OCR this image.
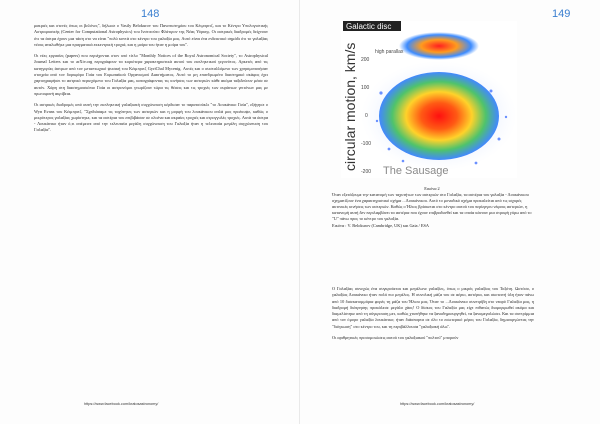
148

μακριές και στενές όπως οι βελόνες", δήλωσε ο Vasily Belokurov του Πανεπιστημίου του Κέιμπριτζ, και το Κέντρο Υπολογιστικής Αστροφυσικής (Center for Computational Astrophysics) του Ινστιτούτο Φλάτιρον της Νέας Υόρκης. Οι αστρικές διαδρομές δείχνουν ότι τα άστρα έχουν μια τάση στο να είναι "πολύ κοντά στο κέντρο του γαλαξία μας. Αυτό είναι ένα ενδεικτικό σημάδι ότι το γαλαξίας νέους αναλωθήκε μια πραγματικά εκκεντρική τροχιά, και η μοίρα του ήταν η μοίρα του".

Οι νέες εργασίες (papers) που περιέχονται στον υπό τίτλο "Monthly Notices of the Royal Astronomical Society", το Astrophysical Journal Letters και το arXiv.org περιγράφουν τα κυριότερα χαρακτηριστικά αυτού του εκπληκτικού γεγονότος. Αρκετές από τις κατηγορίες άστρων από τον μεταπτωχικό ψυσική του Κέιμπριτζ GyriChal Mycenig. Αυτές και ο συσταλλόμενο των χρησιμοποιήσαν στοιχεία από τον δορυφόρο Γαία του Ευρωπαϊκού Οργανισμού Διαστήματος. Αυτό το μη επανδρωμένο διαστημικό σκάφος έχει χαρτογραφήσει το αστρικό περιεχόμενο του Γαλαξία μας, καταγράφοντας τις κινήσεις των αστεριών κάθε ακόμα ταξιδεύουν μέσα σε αυτόν. Χάρη στη διαστημοσκόπιο Γαία οι αστρονόμοι γνωρίζουν τώρα τις θέσεις και τις τροχιές των ουράνιων γειτόνων μας με πρωτοφανή ακρίβεια.

Οι αστρικές διαδρομές από αυτή την εκπληκτική γαλαξιακή συγχώνευση κέρδισαν το παρατσούκλι "το Λουκάνικο Γαία", εξήγησε ο Wyn Evans του Κέιμπριτζ. "Σχεδιάσαμε τις ταχύτητες των αστεριών και η μορφή του λουκάνικου απλά μας προέκυψε, καθώς ο μικρότερος γαλαξίας χωρίστηκε, και τα αστέρια του επιβιβάσαν σε ολοένα και ακραίες τροχιές και στρογγυλές τροχιές. Αυτά τα άστρα - Λουκάνικο ήταν ό,τι απέμεινε από την τελευταία μεγάλη συγχώνευση του Γαλαξία ήταν η τελευταία μεγάλη συγχώνευση του Γαλαξία".

https://www.facebook.com/kratosastronomy/
149
Galactic disc
high parallax
circular motion, km/s 200
100
0
-100
-200 The Sausage
Εικόνα 2
Όταν εξετάζουμε την κατανομή των ταχυτήτων των αστεριών στο Γαλαξία, τα αστέρια του γαλαξία - Λουκάνικου σχηματίζουν ένα χαρακτηριστικό σχήμα ...Λουκάνικου. Αυτό το μοναδικό σχήμα προκαλείται από τις ισχυρές ακτινικές κινήσεις των αστεριών. Καθώς ο Ήλιος βρίσκεται στο κέντρο αυτού του περίεργου νέφους αστεριών, η κατανομή αυτή δεν περιλαμβάνει τα αστέρια που έχουν επιβραδυνθεί και τα οποία κάνουν μια στροφή γύρω από το "U" πάνω προς το κέντρο του γαλαξία.
Εικόνα : V. Belokurov (Cambridge, UK) και Gaia / ESA

Ο Γαλαξίας συνεχώς ένα συγκρούεται και μεγάλωνε γαλαξίες, όπως ο μικρός γαλαξίας του Τοξότη. Ωστόσο, ο γαλαξίας Λουκάνικο ήταν πολύ πιο μεγάλος. Η συνολική μάζα του σε αέριο, αστέρια, και σκοτεινή ύλη ήταν πάνω από 10 δισεκατομμύρια φορές τη μάζα του Ήλιου μας. Όταν το ...Λουκάνικο συνετρίβη στο νεαρό Γαλαξία μας, η διαδρομή διάτρησης προκάλεσε μεγάλο χάος! Ο δίσκος του Γαλαξία μας είχε πιθανώς διαμορφωθεί ακόμα και διαμελίστηκε από τη σύγκρουση μετ, καθώς χτυπήθηκε να ξαναδημιουργηθεί, να ξαναμεγαλώσει. Και τα συντρίμμια από τον όμορο γαλαξία λουκάνικο; ήταν διάσπαρτα σε όλο το εσωτερικό μέρος του Γαλαξία, δημιουργώντας την "διόγκωση" στο κέντρο του, και τη περιβάλλουσα "γαλαξιακή άλω".

Οι αριθμητικές προσομοιώσεις αυτού του γαλαξιακού "πολτού" μπορούν

https://www.facebook.com/kratosastronomy/
